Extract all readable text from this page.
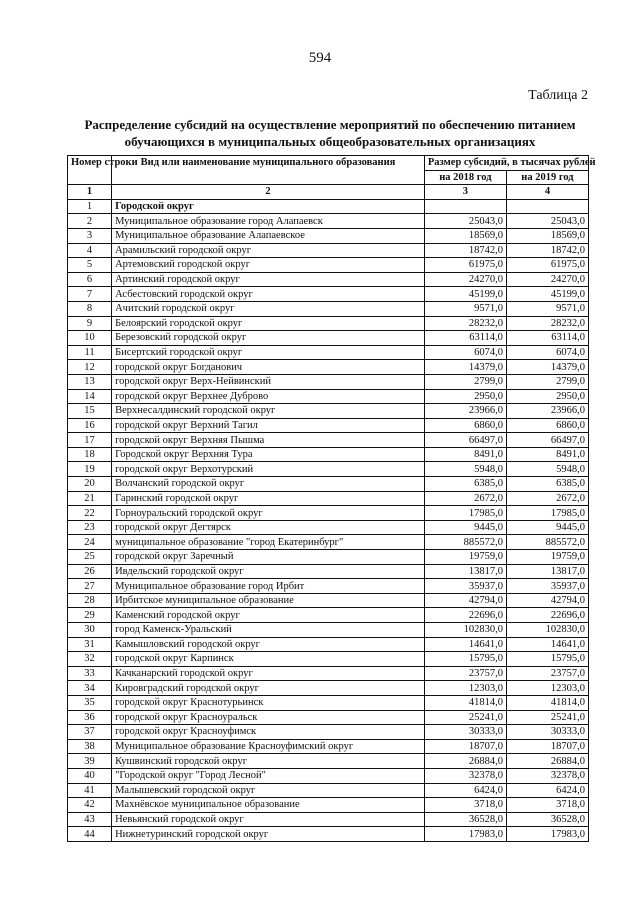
594
Таблица 2
Распределение субсидий на осуществление мероприятий по обеспечению питанием обучающихся в муниципальных общеобразовательных организациях
Номер строки	Вид или наименование муниципального образования	Размер субсидий, в тысячах рублей	
		на 2018 год	на 2019 год
1	2	3	4
1	Городской округ		
2	Муниципальное образование город Алапаевск	25043,0	25043,0
3	Муниципальное образование Алапаевское	18569,0	18569,0
4	Арамильский городской округ	18742,0	18742,0
5	Артемовский городской округ	61975,0	61975,0
6	Артинский городской округ	24270,0	24270,0
7	Асбестовский городской округ	45199,0	45199,0
8	Ачитский городской округ	9571,0	9571,0
9	Белоярский городской округ	28232,0	28232,0
10	Березовский городской округ	63114,0	63114,0
11	Бисертский городской округ	6074,0	6074,0
12	городской округ Богданович	14379,0	14379,0
13	городской округ Верх-Нейвинский	2799,0	2799,0
14	городской округ Верхнее Дуброво	2950,0	2950,0
15	Верхнесалдинский городской округ	23966,0	23966,0
16	городской округ Верхний Тагил	6860,0	6860,0
17	городской округ Верхняя Пышма	66497,0	66497,0
18	Городской округ Верхняя Тура	8491,0	8491,0
19	городской округ Верхотурский	5948,0	5948,0
20	Волчанский городской округ	6385,0	6385,0
21	Гаринский городской округ	2672,0	2672,0
22	Горноуральский городской округ	17985,0	17985,0
23	городской округ Дегтярск	9445,0	9445,0
24	муниципальное образование "город Екатеринбург"	885572,0	885572,0
25	городской округ Заречный	19759,0	19759,0
26	Ивдельский городской округ	13817,0	13817,0
27	Муниципальное образование город Ирбит	35937,0	35937,0
28	Ирбитское муниципальное образование	42794,0	42794,0
29	Каменский городской округ	22696,0	22696,0
30	город Каменск-Уральский	102830,0	102830,0
31	Камышловский городской округ	14641,0	14641,0
32	городской округ Карпинск	15795,0	15795,0
33	Качканарский городской округ	23757,0	23757,0
34	Кировградский городской округ	12303,0	12303,0
35	городской округ Краснотурьинск	41814,0	41814,0
36	городской округ Красноуральск	25241,0	25241,0
37	городской округ Красноуфимск	30333,0	30333,0
38	Муниципальное образование Красноуфимский округ	18707,0	18707,0
39	Кушвинский городской округ	26884,0	26884,0
40	"Городской округ "Город Лесной"	32378,0	32378,0
41	Малышевский городской округ	6424,0	6424,0
42	Махнёвское муниципальное образование	3718,0	3718,0
43	Невьянский городской округ	36528,0	36528,0
44	Нижнетуринский городской округ	17983,0	17983,0
